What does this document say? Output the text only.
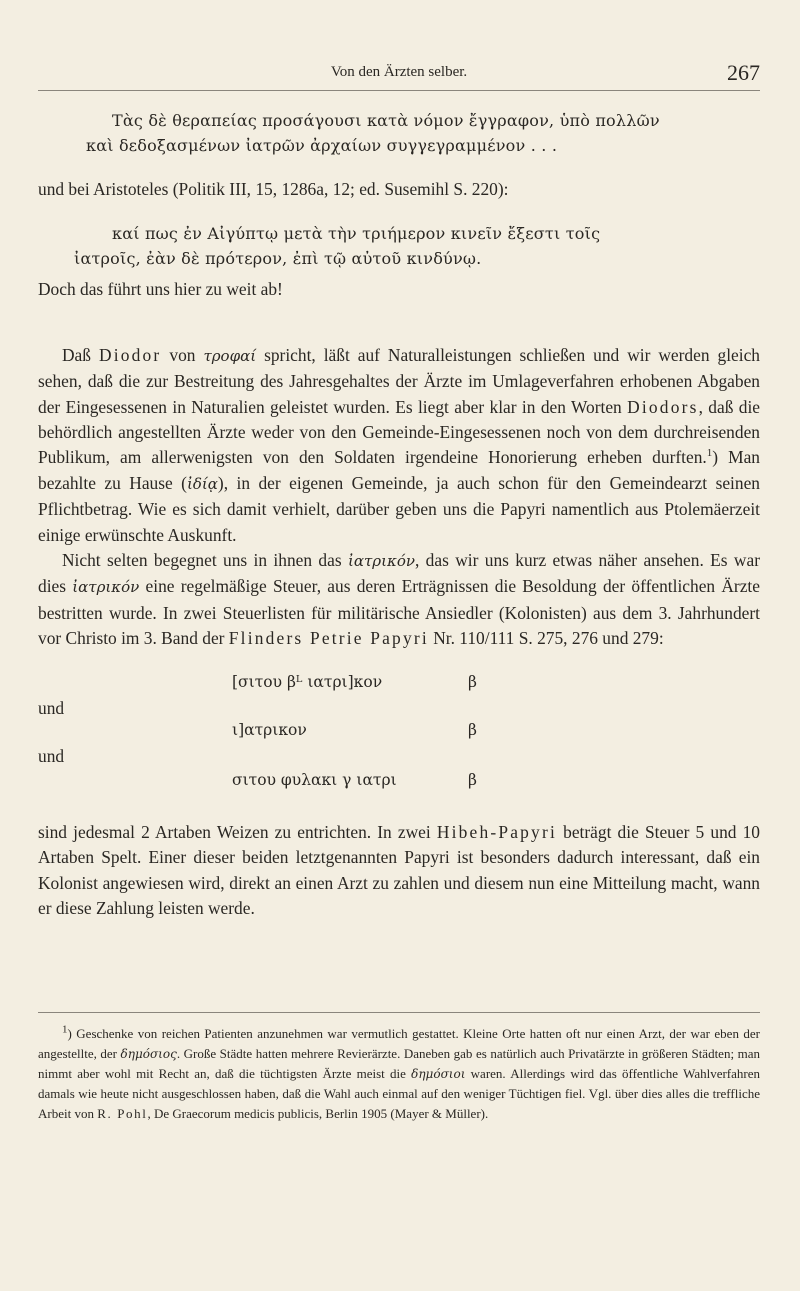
Von den Ärzten selber.	267

Τὰς δὲ θεραπείας προσάγουσι κατὰ νόμον ἔγγραφον, ὑπὸ πολλῶν
καὶ δεδοξασμένων ἰατρῶν ἀρχαίων συγγεγραμμένον . . .

und bei Aristoteles (Politik III, 15, 1286a, 12; ed. Susemihl S. 220):

καί πως ἐν Αἰγύπτῳ μετὰ τὴν τριήμερον κινεῖν ἔξεστι τοῖς
ἰατροῖς, ἐὰν δὲ πρότερον, ἐπὶ τῷ αὐτοῦ κινδύνῳ.

Doch das führt uns hier zu weit ab!

Daß Diodor von τροφαί spricht, läßt auf Naturalleistungen schließen und wir werden gleich sehen, daß die zur Bestreitung des Jahresgehaltes der Ärzte im Umlageverfahren erhobenen Abgaben der Eingesessenen in Naturalien geleistet wurden. Es liegt aber klar in den Worten Diodors, daß die behördlich angestellten Ärzte weder von den Gemeinde-Eingesessenen noch von dem durchreisenden Publikum, am allerwenigsten von den Soldaten irgendeine Honorierung erheben durften.$^1$) Man bezahlte zu Hause (ἰδίᾳ), in der eigenen Gemeinde, ja auch schon für den Gemeindearzt seinen Pflichtbetrag. Wie es sich damit verhielt, darüber geben uns die Papyri namentlich aus Ptolemäerzeit einige erwünschte Auskunft.

Nicht selten begegnet uns in ihnen das ἰατρικόν, das wir uns kurz etwas näher ansehen. Es war dies ἰατρικόν eine regelmäßige Steuer, aus deren Erträgnissen die Besoldung der öffentlichen Ärzte bestritten wurde. In zwei Steuerlisten für militärische Ansiedler (Kolonisten) aus dem 3. Jahrhundert vor Christo im 3. Band der Flinders Petrie Papyri Nr. 110/111 S. 275, 276 und 279:

[σιτου βᴸ ιατρι]κον	β
und
ι]ατρικον	β
und
σιτου φυλακι γ ιατρι	β

sind jedesmal 2 Artaben Weizen zu entrichten. In zwei Hibeh-Papyri beträgt die Steuer 5 und 10 Artaben Spelt. Einer dieser beiden letztgenannten Papyri ist besonders dadurch interessant, daß ein Kolonist angewiesen wird, direkt an einen Arzt zu zahlen und diesem nun eine Mitteilung macht, wann er diese Zahlung leisten werde.

$^1$) Geschenke von reichen Patienten anzunehmen war vermutlich gestattet. Kleine Orte hatten oft nur einen Arzt, der war eben der angestellte, der δημόσιος. Große Städte hatten mehrere Revierärzte. Daneben gab es natürlich auch Privatärzte in größeren Städten; man nimmt aber wohl mit Recht an, daß die tüchtigsten Ärzte meist die δημόσιοι waren. Allerdings wird das öffentliche Wahlverfahren damals wie heute nicht ausgeschlossen haben, daß die Wahl auch einmal auf den weniger Tüchtigen fiel. Vgl. über dies alles die treffliche Arbeit von R. Pohl, De Graecorum medicis publicis, Berlin 1905 (Mayer & Müller).
